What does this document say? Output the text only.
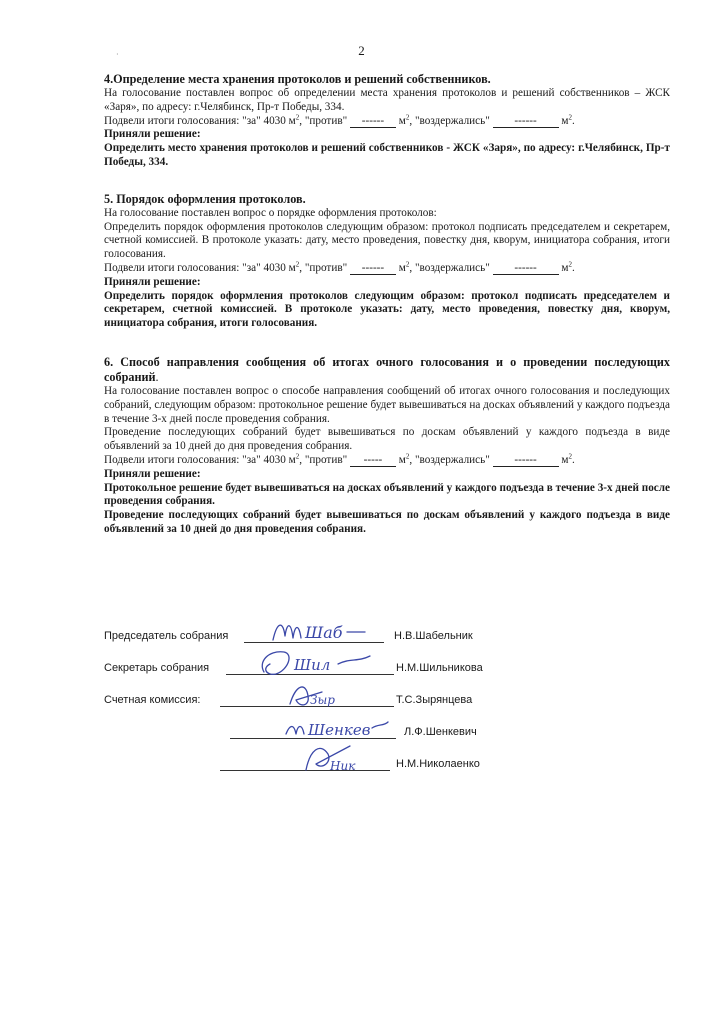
·	2
4.Определение места хранения протоколов и решений собственников.
На голосование поставлен вопрос об определении места хранения протоколов и решений собственников – ЖСК «Заря», по адресу: г.Челябинск, Пр-т Победы, 334.
Подвели итоги голосования: "за" 4030 $м^2$, "против" ------ $м^2$, "воздержались" ------ $м^2$.
Приняли решение:
Определить место хранения протоколов и решений собственников - ЖСК «Заря», по адресу: г.Челябинск, Пр-т Победы, 334.
5. Порядок оформления протоколов.
На голосование поставлен вопрос о порядке оформления протоколов:
Определить порядок оформления протоколов следующим образом: протокол подписать председателем и секретарем, счетной комиссией. В протоколе указать: дату, место проведения, повестку дня, кворум, инициатора собрания, итоги голосования.
Подвели итоги голосования: "за" 4030 $м^2$, "против" ------ $м^2$, "воздержались" ------ $м^2$.
Приняли решение:
Определить порядок оформления протоколов следующим образом: протокол подписать председателем и секретарем, счетной комиссией. В протоколе указать: дату, место проведения, повестку дня, кворум, инициатора собрания, итоги голосования.
6. Способ направления сообщения об итогах очного голосования и о проведении последующих собраний.
На голосование поставлен вопрос о способе направления сообщений об итогах очного голосования и последующих собраний, следующим образом: протокольное решение будет вывешиваться на досках объявлений у каждого подъезда в течение 3-х дней после проведения собрания.
Проведение последующих собраний будет вывешиваться по доскам объявлений у каждого подъезда в виде объявлений за 10 дней до дня проведения собрания.
Подвели итоги голосования: "за" 4030 $м^2$, "против" ----- $м^2$, "воздержались" ------ $м^2$.
Приняли решение:
Протокольное решение будет вывешиваться на досках объявлений у каждого подъезда в течение 3-х дней после проведения собрания.
Проведение последующих собраний будет вывешиваться по доскам объявлений у каждого подъезда в виде объявлений за 10 дней до дня проведения собрания.
Председатель собрания	Шаб	Н.В.Шабельник
Секретарь собрания	Шил	Н.М.Шильникова
Счетная комиссия:	Зыр	Т.С.Зырянцева
Шенкев	Л.Ф.Шенкевич
Ник	Н.М.Николаенко
